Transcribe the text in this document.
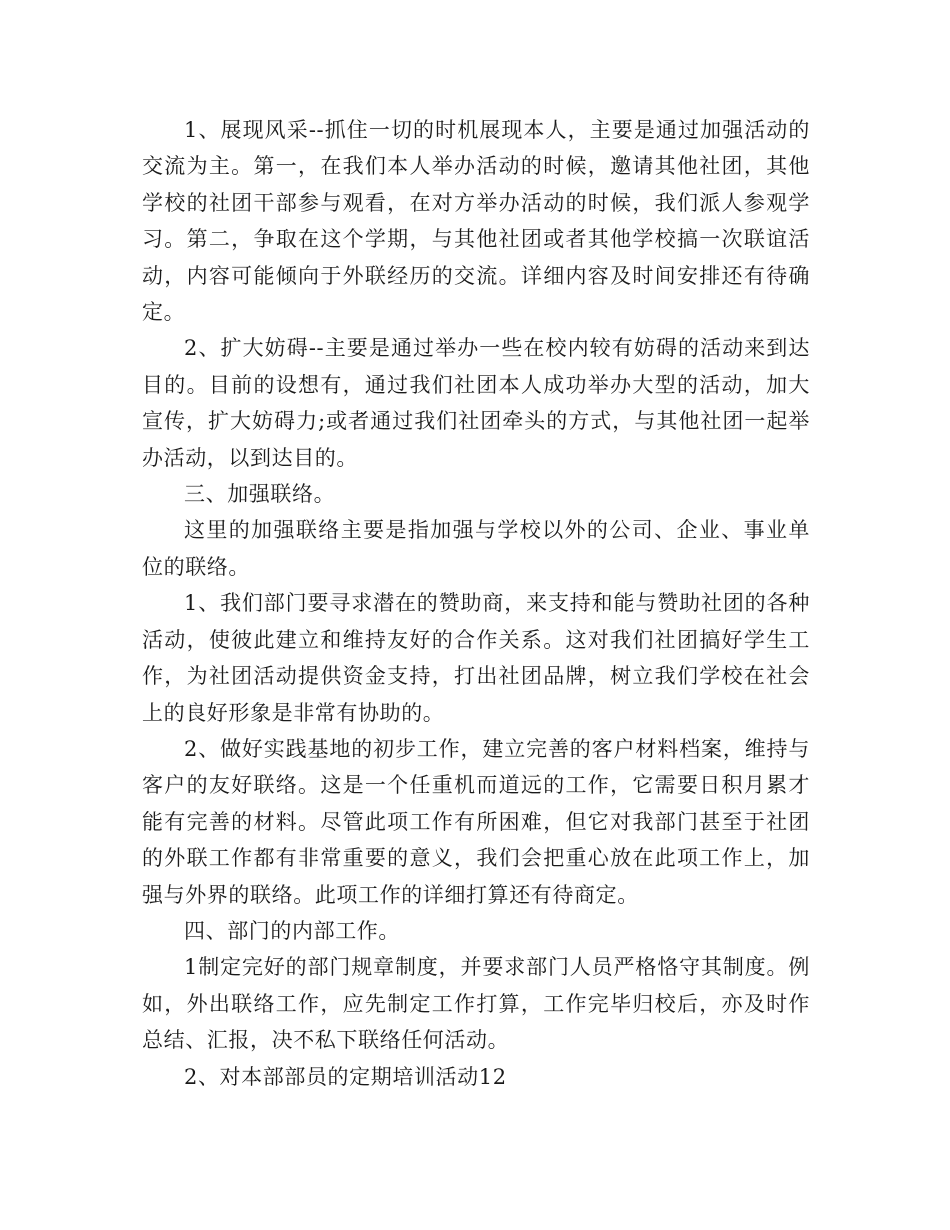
1、展现风采--抓住一切的时机展现本人，主要是通过加强活动的交流为主。第一，在我们本人举办活动的时候，邀请其他社团，其他学校的社团干部参与观看，在对方举办活动的时候，我们派人参观学习。第二，争取在这个学期，与其他社团或者其他学校搞一次联谊活动，内容可能倾向于外联经历的交流。详细内容及时间安排还有待确定。

2、扩大妨碍--主要是通过举办一些在校内较有妨碍的活动来到达目的。目前的设想有，通过我们社团本人成功举办大型的活动，加大宣传，扩大妨碍力;或者通过我们社团牵头的方式，与其他社团一起举办活动，以到达目的。

三、加强联络。

这里的加强联络主要是指加强与学校以外的公司、企业、事业单位的联络。

1、我们部门要寻求潜在的赞助商，来支持和能与赞助社团的各种活动，使彼此建立和维持友好的合作关系。这对我们社团搞好学生工作，为社团活动提供资金支持，打出社团品牌，树立我们学校在社会上的良好形象是非常有协助的。

2、做好实践基地的初步工作，建立完善的客户材料档案，维持与客户的友好联络。这是一个任重机而道远的工作，它需要日积月累才能有完善的材料。尽管此项工作有所困难，但它对我部门甚至于社团的外联工作都有非常重要的意义，我们会把重心放在此项工作上，加强与外界的联络。此项工作的详细打算还有待商定。

四、部门的内部工作。

1制定完好的部门规章制度，并要求部门人员严格恪守其制度。例如，外出联络工作，应先制定工作打算，工作完毕归校后，亦及时作总结、汇报，决不私下联络任何活动。

2、对本部部员的定期培训活动12
